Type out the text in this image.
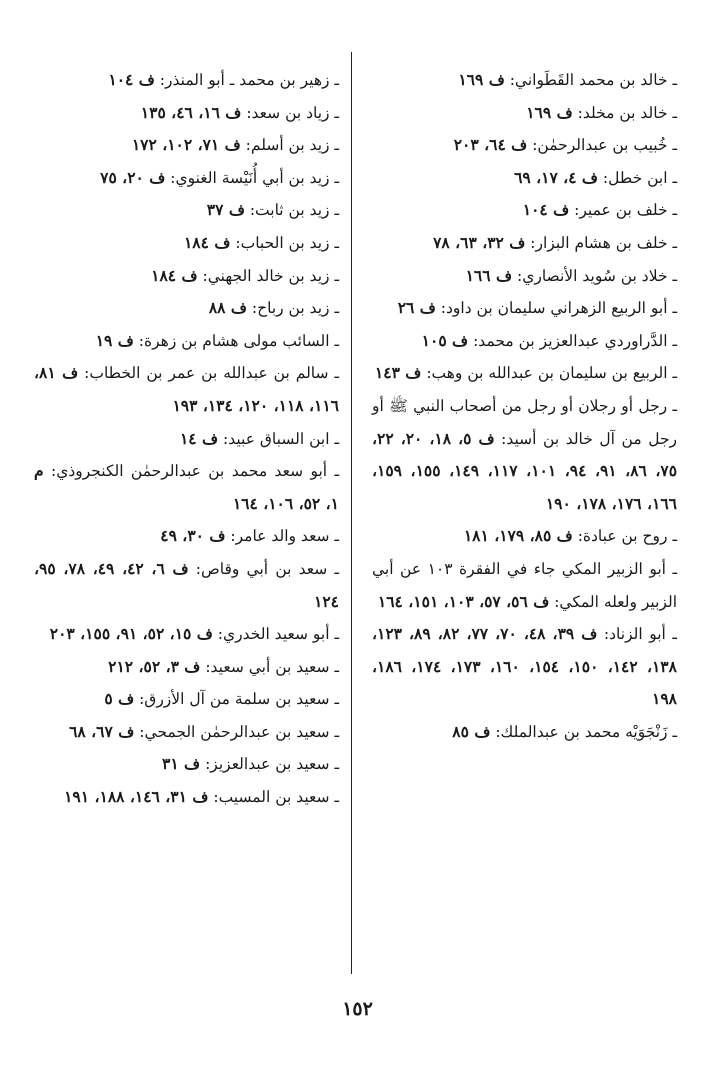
ـ خالد بن محمد القَطَواني: ف ١٦٩

ـ خالد بن مخلد: ف ١٦٩

ـ خُبيب بن عبدالرحمٰن: ف ٦٤، ٢٠٣

ـ ابن خطل: ف ٤، ١٧، ٦٩

ـ خلف بن عمير: ف ١٠٤

ـ خلف بن هشام البزار: ف ٣٢، ٦٣، ٧٨

ـ خلاد بن سُويد الأنصاري: ف ١٦٦

ـ أبو الربيع الزهراني سليمان بن داود: ف ٢٦

ـ الدَّراوردي عبدالعزيز بن محمد: ف ١٠٥

ـ الربيع بن سليمان بن عبدالله بن وهب: ف ١٤٣

ـ رجل أو رجلان أو رجل من أصحاب النبي ﷺ أو رجل من آل خالد بن أسيد: ف ٥، ١٨، ٢٠، ٢٢، ٧٥، ٨٦، ٩١، ٩٤، ١٠١، ١١٧، ١٤٩، ١٥٥، ١٥٩، ١٦٦، ١٧٦، ١٧٨، ١٩٠

ـ روح بن عبادة: ف ٨٥، ١٧٩، ١٨١

ـ أبو الزبير المكي جاء في الفقرة ١٠٣ عن أبي الزبير ولعله المكي: ف ٥٦، ٥٧، ١٠٣، ١٥١، ١٦٤

ـ أبو الزناد: ف ٣٩، ٤٨، ٧٠، ٧٧، ٨٢، ٨٩، ١٢٣، ١٣٨، ١٤٢، ١٥٠، ١٥٤، ١٦٠، ١٧٣، ١٧٤، ١٨٦، ١٩٨

ـ زَنْجَوَيْه محمد بن عبدالملك: ف ٨٥

ـ زهير بن محمد ـ أبو المنذر: ف ١٠٤

ـ زياد بن سعد: ف ١٦، ٤٦، ١٣٥

ـ زيد بن أسلم: ف ٧١، ١٠٢، ١٧٢

ـ زيد بن أبي أُنَيْسة الغنوي: ف ٢٠، ٧٥

ـ زيد بن ثابت: ف ٣٧

ـ زيد بن الحباب: ف ١٨٤

ـ زيد بن خالد الجهني: ف ١٨٤

ـ زيد بن رباح: ف ٨٨

ـ السائب مولى هشام بن زهرة: ف ١٩

ـ سالم بن عبدالله بن عمر بن الخطاب: ف ٨١، ١١٦، ١١٨، ١٢٠، ١٣٤، ١٩٣

ـ ابن السباق عبيد: ف ١٤

ـ أبو سعد محمد بن عبدالرحمٰن الكنجروذي: م ١، ٥٢، ١٠٦، ١٦٤

ـ سعد والد عامر: ف ٣٠، ٤٩

ـ سعد بن أبي وقاص: ف ٦، ٤٢، ٤٩، ٧٨، ٩٥، ١٢٤

ـ أبو سعيد الخدري: ف ١٥، ٥٢، ٩١، ١٥٥، ٢٠٣

ـ سعيد بن أبي سعيد: ف ٣، ٥٢، ٢١٢

ـ سعيد بن سلمة من آل الأزرق: ف ٥

ـ سعيد بن عبدالرحمٰن الجمحي: ف ٦٧، ٦٨

ـ سعيد بن عبدالعزيز: ف ٣١

ـ سعيد بن المسيب: ف ٣١، ١٤٦، ١٨٨، ١٩١

١٥٢
